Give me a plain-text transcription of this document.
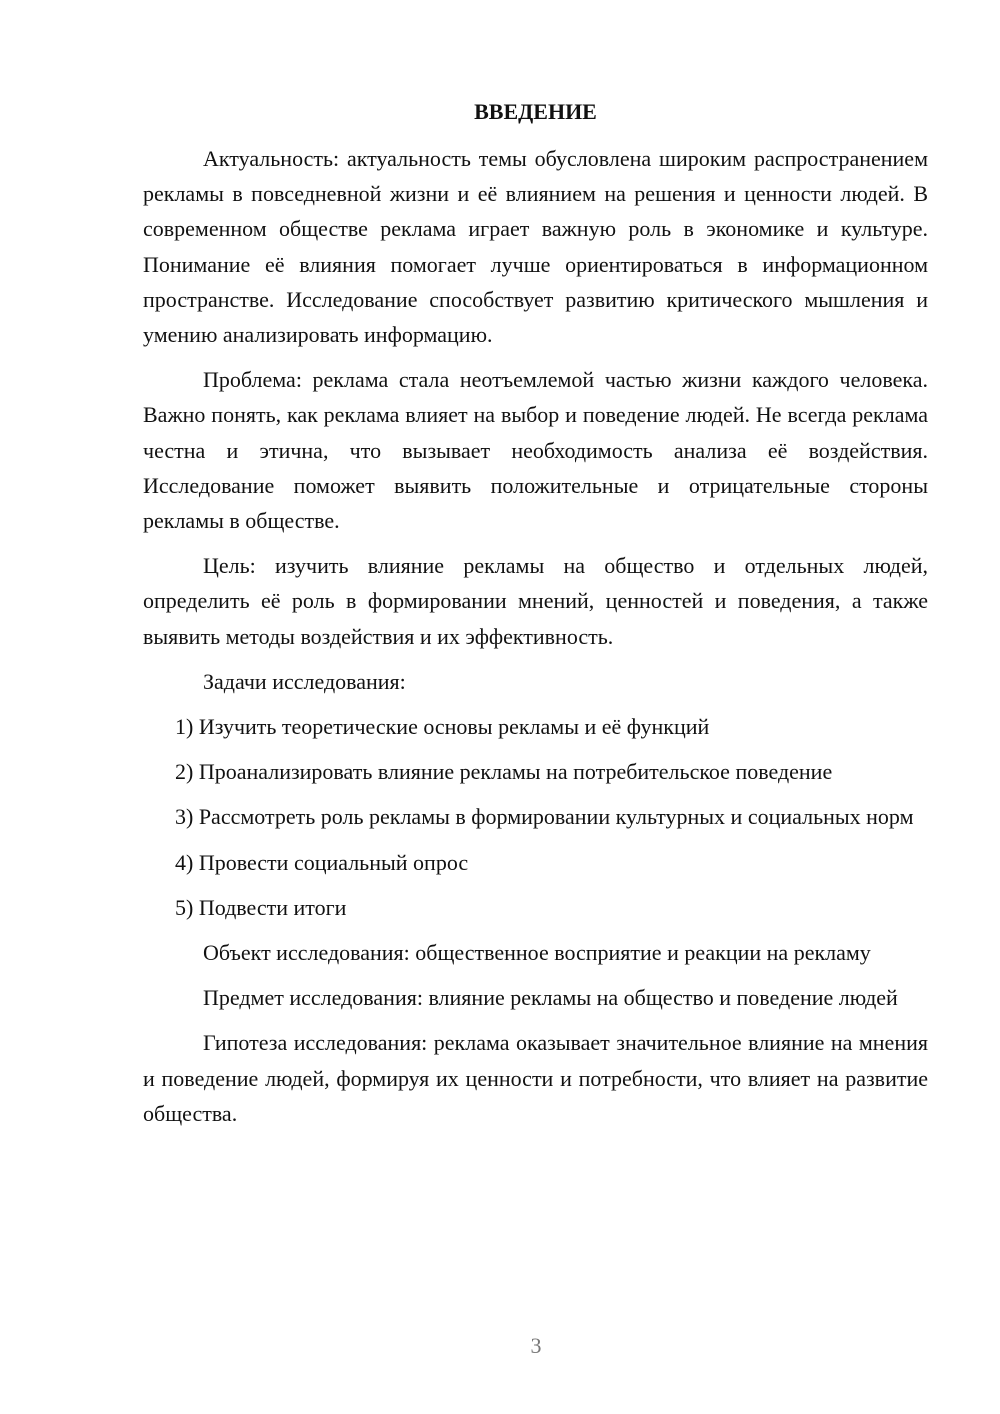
ВВЕДЕНИЕ

Актуальность: актуальность темы обусловлена широким распространением рекламы в повседневной жизни и её влиянием на решения и ценности людей. В современном обществе реклама играет важную роль в экономике и культуре. Понимание её влияния помогает лучше ориентироваться в информационном пространстве. Исследование способствует развитию критического мышления и умению анализировать информацию.

Проблема: реклама стала неотъемлемой частью жизни каждого человека. Важно понять, как реклама влияет на выбор и поведение людей. Не всегда реклама честна и этична, что вызывает необходимость анализа её воздействия. Исследование поможет выявить положительные и отрицательные стороны рекламы в обществе.

Цель: изучить влияние рекламы на общество и отдельных людей, определить её роль в формировании мнений, ценностей и поведения, а также выявить методы воздействия и их эффективность.

Задачи исследования:

1) Изучить теоретические основы рекламы и её функций

2) Проанализировать влияние рекламы на потребительское поведение

3) Рассмотреть роль рекламы в формировании культурных и социальных норм

4) Провести социальный опрос

5) Подвести итоги

Объект исследования: общественное восприятие и реакции на рекламу

Предмет исследования: влияние рекламы на общество и поведение людей

Гипотеза исследования: реклама оказывает значительное влияние на мнения и поведение людей, формируя их ценности и потребности, что влияет на развитие общества.

3
